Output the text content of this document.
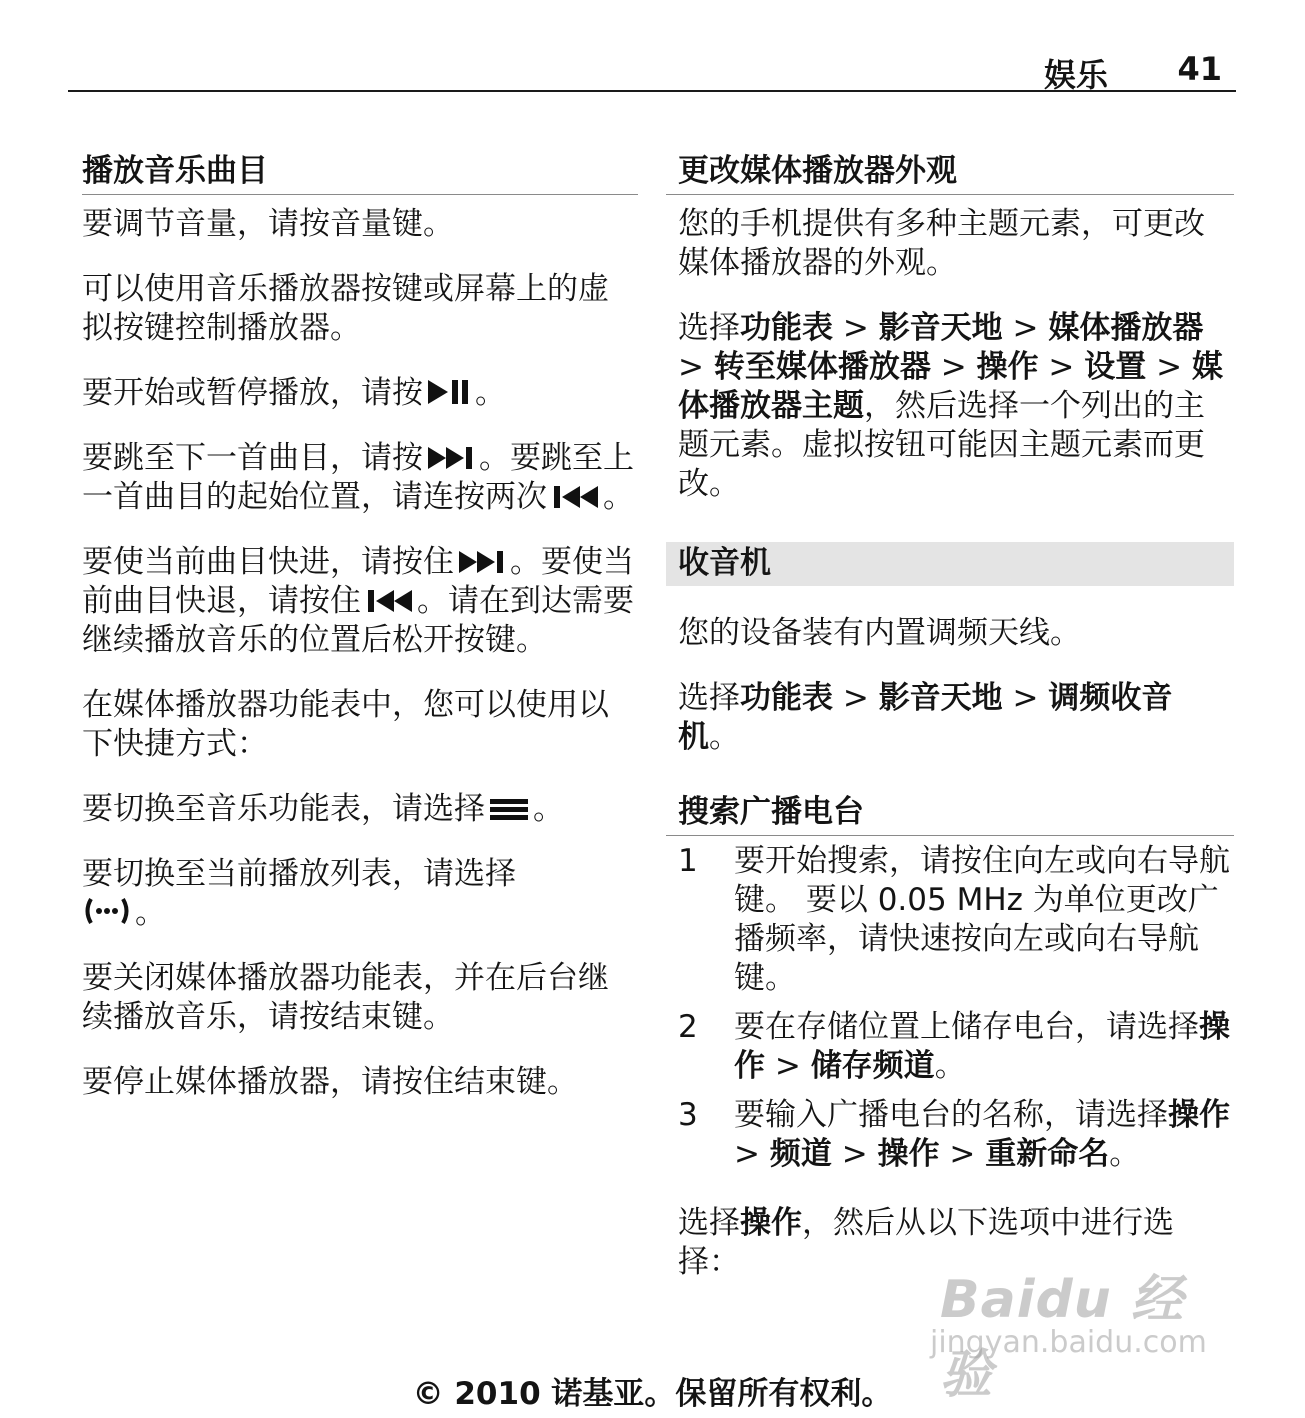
娱乐 41
播放音乐曲目

要调节音量，请按音量键。

可以使用音乐播放器按键或屏幕上的虚拟按键控制播放器。

要开始或暂停播放，请按 。

要跳至下一首曲目，请按 。要跳至上一首曲目的起始位置，请连按两次 。

要使当前曲目快进，请按住 。要使当前曲目快退，请按住 。请在到达需要继续播放音乐的位置后松开按键。

在媒体播放器功能表中，您可以使用以下快捷方式：

要切换至音乐功能表，请选择 。

要切换至当前播放列表，请选择
。

要关闭媒体播放器功能表，并在后台继续播放音乐，请按结束键。

要停止媒体播放器，请按住结束键。

更改媒体播放器外观

您的手机提供有多种主题元素，可更改媒体播放器的外观。

选择功能表 > 影音天地 > 媒体播放器 > 转至媒体播放器 > 操作 > 设置 > 媒体播放器主题，然后选择一个列出的主题元素。虚拟按钮可能因主题元素而更改。

收音机

您的设备装有内置调频天线。

选择功能表 > 影音天地 > 调频收音机。

搜索广播电台
1 要开始搜索，请按住向左或向右导航键。 要以 0.05 MHz 为单位更改广播频率，请快速按向左或向右导航键。
2 要在存储位置上储存电台，请选择操作 > 储存频道。
3 要输入广播电台的名称，请选择操作 > 频道 > 操作 > 重新命名。

选择操作，然后从以下选项中进行选择：

Baidu 经验
jingyan.baidu.com
© 2010 诺基亚。保留所有权利。
